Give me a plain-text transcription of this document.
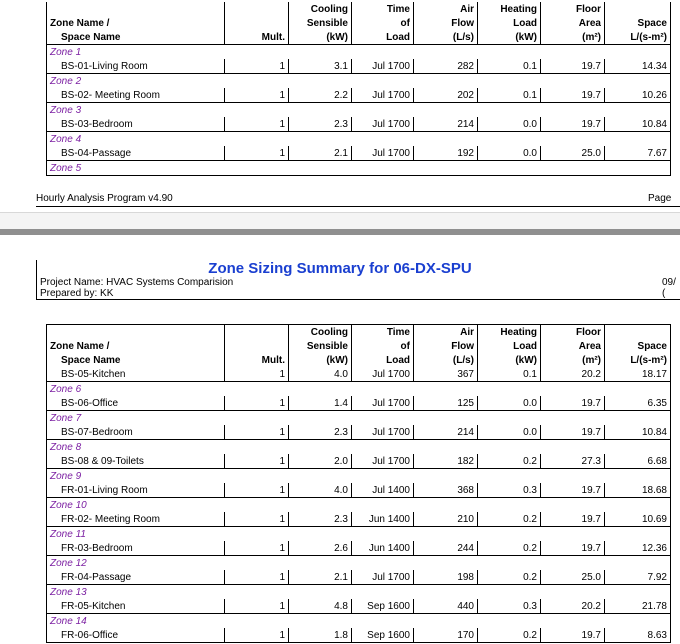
		Cooling	Time	Air	Heating	Floor	
Zone Name /		Sensible	of	Flow	Load	Area	Space
Space Name	Mult.	(kW)	Load	(L/s)	(kW)	(m²)	L/(s-m²)
Zone 1							
BS-01-Living Room	1	3.1	Jul 1700	282	0.1	19.7	14.34
Zone 2							
BS-02- Meeting Room	1	2.2	Jul 1700	202	0.1	19.7	10.26
Zone 3							
BS-03-Bedroom	1	2.3	Jul 1700	214	0.0	19.7	10.84
Zone 4							
BS-04-Passage	1	2.1	Jul 1700	192	0.0	25.0	7.67
Zone 5							
Hourly Analysis Program v4.90	Page
Zone Sizing Summary for 06-DX-SPU
Project Name: HVAC Systems Comparision
Prepared by: KK
09/
(
		Cooling	Time	Air	Heating	Floor	
Zone Name /		Sensible	of	Flow	Load	Area	Space
Space Name	Mult.	(kW)	Load	(L/s)	(kW)	(m²)	L/(s-m²)
BS-05-Kitchen	1	4.0	Jul 1700	367	0.1	20.2	18.17
Zone 6							
BS-06-Office	1	1.4	Jul 1700	125	0.0	19.7	6.35
Zone 7							
BS-07-Bedroom	1	2.3	Jul 1700	214	0.0	19.7	10.84
Zone 8							
BS-08 & 09-Toilets	1	2.0	Jul 1700	182	0.2	27.3	6.68
Zone 9							
FR-01-Living Room	1	4.0	Jul 1400	368	0.3	19.7	18.68
Zone 10							
FR-02- Meeting Room	1	2.3	Jun 1400	210	0.2	19.7	10.69
Zone 11							
FR-03-Bedroom	1	2.6	Jun 1400	244	0.2	19.7	12.36
Zone 12							
FR-04-Passage	1	2.1	Jul 1700	198	0.2	25.0	7.92
Zone 13							
FR-05-Kitchen	1	4.8	Sep 1600	440	0.3	20.2	21.78
Zone 14							
FR-06-Office	1	1.8	Sep 1600	170	0.2	19.7	8.63
